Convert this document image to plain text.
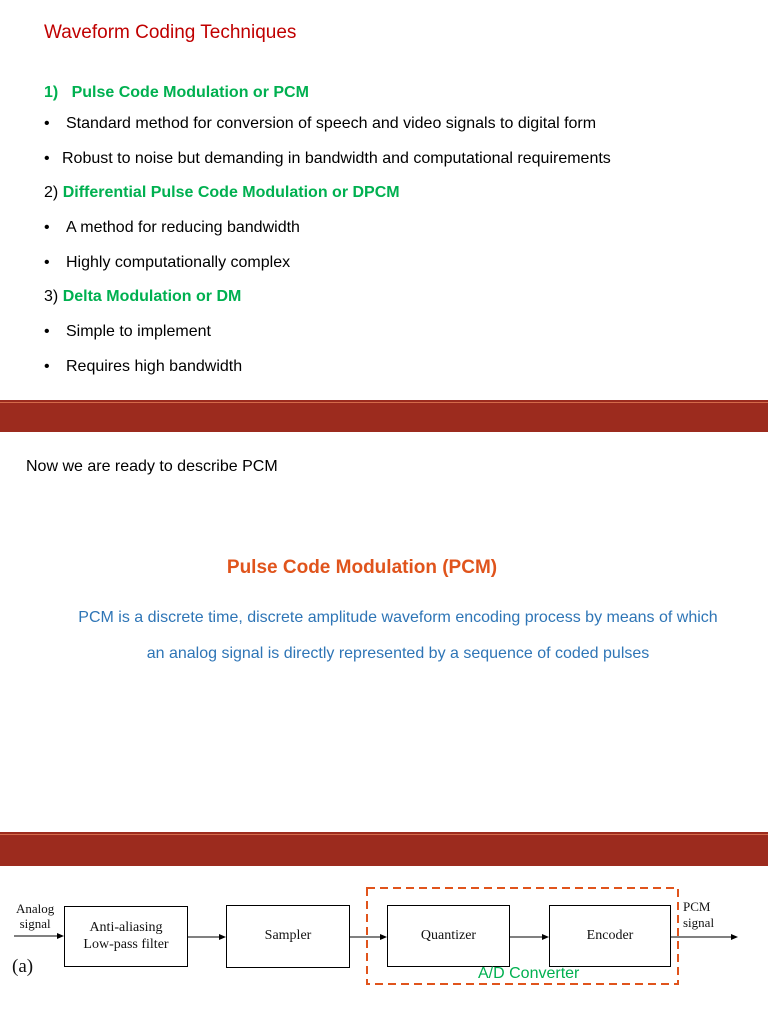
Waveform Coding Techniques
1) Pulse Code Modulation or PCM
• Standard method for conversion of speech and video signals to digital form
• Robust to noise but demanding in bandwidth and computational requirements
2) Differential Pulse Code Modulation or DPCM
• A method for reducing bandwidth
• Highly computationally complex
3) Delta Modulation or DM
• Simple to implement
• Requires high bandwidth
Now we are ready to describe PCM
Pulse Code Modulation (PCM)
PCM is a discrete time, discrete amplitude waveform encoding process by means of which
an analog signal is directly represented by a sequence of coded pulses
Analog
signal	Anti-aliasing
Low-pass filter
Sampler	Quantizer	Encoder
PCM
signal
(a)	A/D Converter
